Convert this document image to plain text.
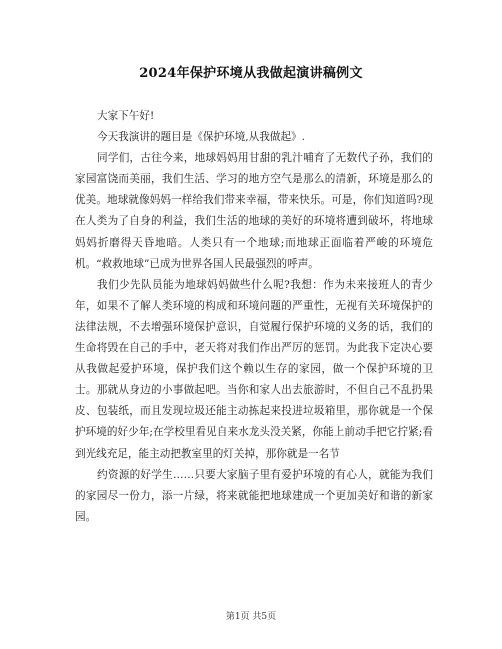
2024年保护环境从我做起演讲稿例文

大家下午好!

今天我演讲的题目是《保护环境,从我做起》.

同学们，古往今来，地球妈妈用甘甜的乳汁哺育了无数代子孙，我们的家园富饶而美丽，我们生活、学习的地方空气是那么的清新，环境是那么的优美。地球就像妈妈一样给我们带来幸福，带来快乐。可是，你们知道吗?现在人类为了自身的利益，我们生活的地球的美好的环境将遭到破坏，将地球妈妈折磨得天昏地暗。人类只有一个地球;而地球正面临着严峻的环境危机。“救救地球”已成为世界各国人民最强烈的呼声。

我们少先队员能为地球妈妈做些什么呢?我想：作为未来接班人的青少年，如果不了解人类环境的构成和环境问题的严重性，无视有关环境保护的法律法规，不去增强环境保护意识，自觉履行保护环境的义务的话，我们的生命将毁在自己的手中，老天将对我们作出严厉的惩罚。为此我下定决心要从我做起爱护环境，保护我们这个赖以生存的家园，做一个保护环境的卫士。那就从身边的小事做起吧。当你和家人出去旅游时，不但自己不乱扔果皮、包装纸，而且发现垃圾还能主动拣起来投进垃圾箱里，那你就是一个保护环境的好少年;在学校里看见自来水龙头没关紧，你能上前动手把它拧紧;看到光线充足，能主动把教室里的灯关掉，那你就是一名节

约资源的好学生……只要大家脑子里有爱护环境的有心人，就能为我们的家园尽一份力，添一片绿，将来就能把地球建成一个更加美好和谐的新家园。

第1页 共5页
